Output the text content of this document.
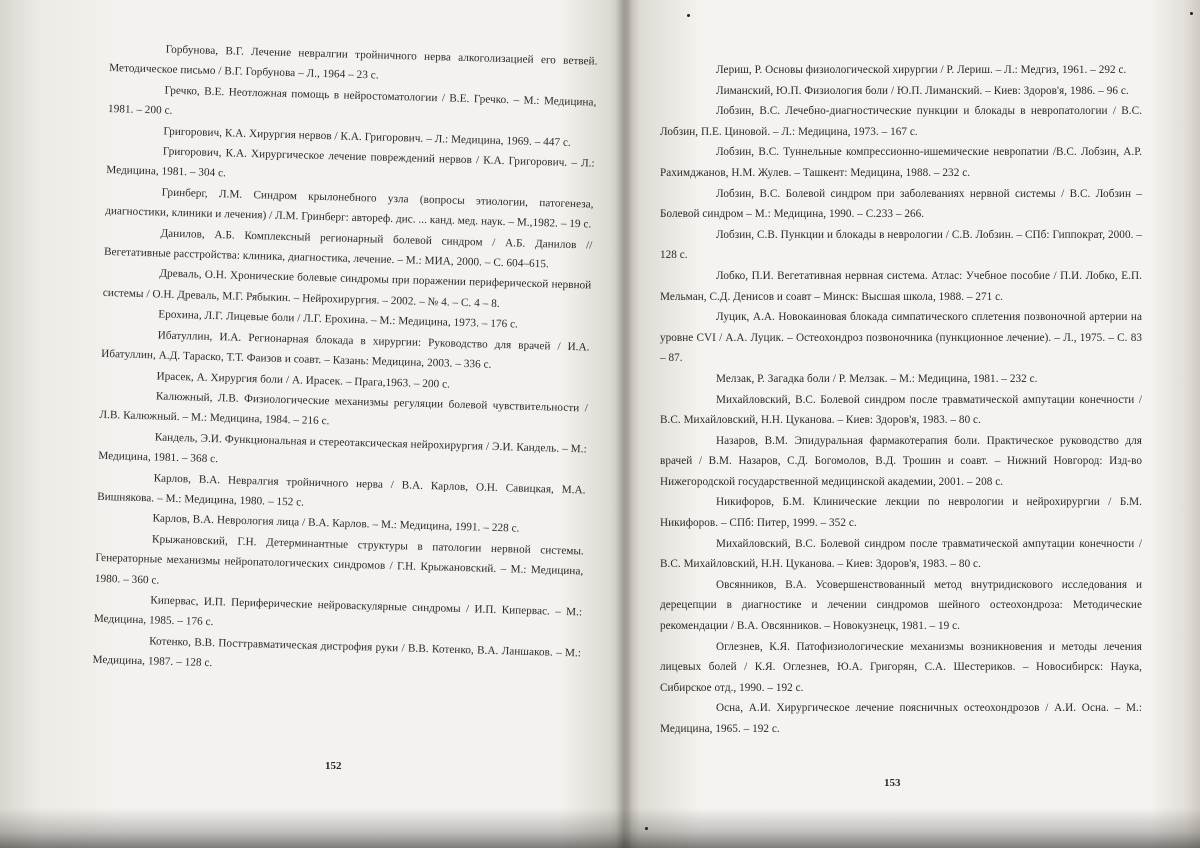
Горбунова, В.Г. Лечение невралгии тройничного нерва алкоголизацией его ветвей. Методическое письмо / В.Г. Горбунова – Л., 1964 – 23 с.

Гречко, В.Е. Неотложная помощь в нейростоматологии / В.Е. Гречко. – М.: Медицина, 1981. – 200 с.

Григорович, К.А. Хирургия нервов / К.А. Григорович. – Л.: Медицина, 1969. – 447 с.

Григорович, К.А. Хирургическое лечение повреждений нервов / К.А. Григорович. – Л.: Медицина, 1981. – 304 с.

Гринберг, Л.М. Синдром крылонебного узла (вопросы этиологии, патогенеза, диагностики, клиники и лечения) / Л.М. Гринберг: автореф. дис. ... канд. мед. наук. – М.,1982. – 19 с.

Данилов, А.Б. Комплексный регионарный болевой синдром / А.Б. Данилов // Вегетативные расстройства: клиника, диагностика, лечение. – М.: МИА, 2000. – С. 604–615.

Древаль, О.Н. Хронические болевые синдромы при поражении периферической нервной системы / О.Н. Древаль, М.Г. Рябыкин. – Нейрохирургия. – 2002. – № 4. – С. 4 – 8.

Ерохина, Л.Г. Лицевые боли / Л.Г. Ерохина. – М.: Медицина, 1973. – 176 с.

Ибатуллин, И.А. Регионарная блокада в хирургии: Руководство для врачей / И.А. Ибатуллин, А.Д. Тараско, Т.Т. Фаизов и соавт. – Казань: Медицина, 2003. – 336 с.

Ирасек, А. Хирургия боли / А. Ирасек. – Прага,1963. – 200 с.

Калюжный, Л.В. Физиологические механизмы регуляции болевой чувствительности / Л.В. Калюжный. – М.: Медицина, 1984. – 216 с.

Кандель, Э.И. Функциональная и стереотаксическая нейрохирургия / Э.И. Кандель. – М.: Медицина, 1981. – 368 с.

Карлов, В.А. Невралгия тройничного нерва / В.А. Карлов, О.Н. Савицкая, М.А. Вишнякова. – М.: Медицина, 1980. – 152 с.

Карлов, В.А. Неврология лица / В.А. Карлов. – М.: Медицина, 1991. – 228 с.

Крыжановский, Г.Н. Детерминантные структуры в патологии нервной системы. Генераторные механизмы нейропатологических синдромов / Г.Н. Крыжановский. – М.: Медицина, 1980. – 360 с.

Кипервас, И.П. Периферические нейроваскулярные синдромы / И.П. Кипервас. – М.: Медицина, 1985. – 176 с.

Котенко, В.В. Посттравматическая дистрофия руки / В.В. Котенко, В.А. Ланшаков. – М.: Медицина, 1987. – 128 с.

152

Лериш, Р. Основы физиологической хирургии / Р. Лериш. – Л.: Медгиз, 1961. – 292 с.

Лиманский, Ю.П. Физиология боли / Ю.П. Лиманский. – Киев: Здоров'я, 1986. – 96 с.

Лобзин, В.С. Лечебно-диагностические пункции и блокады в невропатологии / В.С. Лобзин, П.Е. Циновой. – Л.: Медицина, 1973. – 167 с.

Лобзин, В.С. Туннельные компрессионно-ишемические невропатии /В.С. Лобзин, А.Р. Рахимджанов, Н.М. Жулев. – Ташкент: Медицина, 1988. – 232 с.

Лобзин, В.С. Болевой синдром при заболеваниях нервной системы / В.С. Лобзин – Болевой синдром – М.: Медицина, 1990. – С.233 – 266.

Лобзин, С.В. Пункции и блокады в неврологии / С.В. Лобзин. – СПб: Гиппократ, 2000. – 128 с.

Лобко, П.И. Вегетативная нервная система. Атлас: Учебное пособие / П.И. Лобко, Е.П. Мельман, С.Д. Денисов и соавт – Минск: Высшая школа, 1988. – 271 с.

Луцик, А.А. Новокаиновая блокада симпатического сплетения позвоночной артерии на уровне CVI / А.А. Луцик. – Остеохондроз позвоночника (пункционное лечение). – Л., 1975. – С. 83 – 87.

Мелзак, Р. Загадка боли / Р. Мелзак. – М.: Медицина, 1981. – 232 с.

Михайловский, В.С. Болевой синдром после травматической ампутации конечности / В.С. Михайловский, Н.Н. Цуканова. – Киев: Здоров'я, 1983. – 80 с.

Назаров, В.М. Эпидуральная фармакотерапия боли. Практическое руководство для врачей / В.М. Назаров, С.Д. Богомолов, В.Д. Трошин и соавт. – Нижний Новгород: Изд-во Нижегородской государственной медицинской академии, 2001. – 208 с.

Никифоров, Б.М. Клинические лекции по неврологии и нейрохирургии / Б.М. Никифоров. – СПб: Питер, 1999. – 352 с.

Михайловский, В.С. Болевой синдром после травматической ампутации конечности / В.С. Михайловский, Н.Н. Цуканова. – Киев: Здоров'я, 1983. – 80 с.

Овсянников, В.А. Усовершенствованный метод внутридискового исследования и дерецепции в диагностике и лечении синдромов шейного остеохондроза: Методические рекомендации / В.А. Овсянников. – Новокузнецк, 1981. – 19 с.

Оглезнев, К.Я. Патофизиологические механизмы возникновения и методы лечения лицевых болей / К.Я. Оглезнев, Ю.А. Григорян, С.А. Шестериков. – Новосибирск: Наука, Сибирское отд., 1990. – 192 с.

Осна, А.И. Хирургическое лечение поясничных остеохондрозов / А.И. Осна. – М.: Медицина, 1965. – 192 с.

153
